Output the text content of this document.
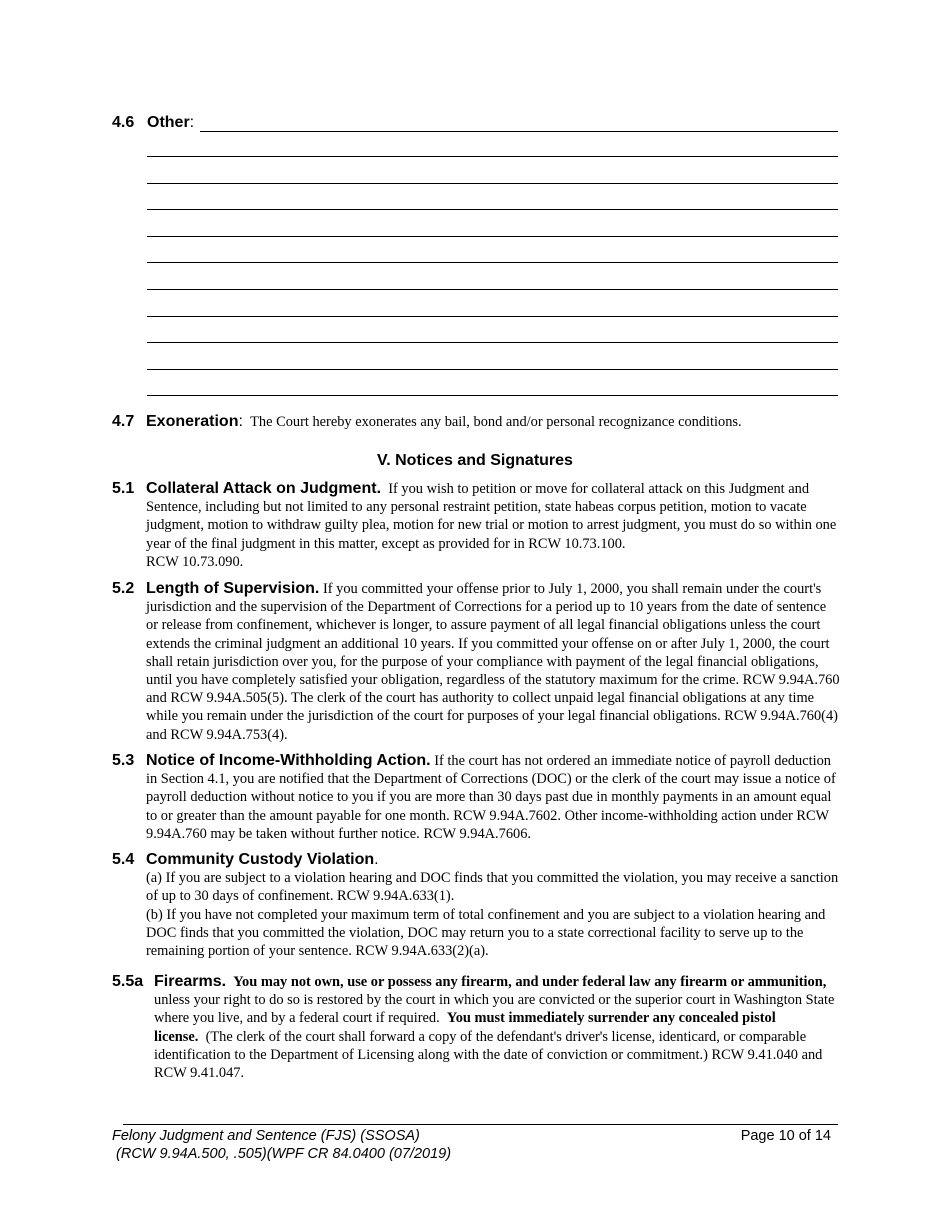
4.6 Other :
4.7 Exoneration: The Court hereby exonerates any bail, bond and/or personal recognizance conditions.
V. Notices and Signatures
5.1 Collateral Attack on Judgment. If you wish to petition or move for collateral attack on this Judgment and Sentence, including but not limited to any personal restraint petition, state habeas corpus petition, motion to vacate judgment, motion to withdraw guilty plea, motion for new trial or motion to arrest judgment, you must do so within one year of the final judgment in this matter, except as provided for in RCW 10.73.100.
RCW 10.73.090.
5.2 Length of Supervision. If you committed your offense prior to July 1, 2000, you shall remain under the court's jurisdiction and the supervision of the Department of Corrections for a period up to 10 years from the date of sentence or release from confinement, whichever is longer, to assure payment of all legal financial obligations unless the court extends the criminal judgment an additional 10 years. If you committed your offense on or after July 1, 2000, the court shall retain jurisdiction over you, for the purpose of your compliance with payment of the legal financial obligations, until you have completely satisfied your obligation, regardless of the statutory maximum for the crime. RCW 9.94A.760 and RCW 9.94A.505(5). The clerk of the court has authority to collect unpaid legal financial obligations at any time while you remain under the jurisdiction of the court for purposes of your legal financial obligations. RCW 9.94A.760(4) and RCW 9.94A.753(4).
5.3 Notice of Income-Withholding Action. If the court has not ordered an immediate notice of payroll deduction in Section 4.1, you are notified that the Department of Corrections (DOC) or the clerk of the court may issue a notice of payroll deduction without notice to you if you are more than 30 days past due in monthly payments in an amount equal to or greater than the amount payable for one month. RCW 9.94A.7602. Other income-withholding action under RCW 9.94A.760 may be taken without further notice. RCW 9.94A.7606.
5.4 Community Custody Violation.
(a) If you are subject to a violation hearing and DOC finds that you committed the violation, you may receive a sanction of up to 30 days of confinement. RCW 9.94A.633(1).
(b) If you have not completed your maximum term of total confinement and you are subject to a violation hearing and DOC finds that you committed the violation, DOC may return you to a state correctional facility to serve up to the remaining portion of your sentence. RCW 9.94A.633(2)(a).
5.5a Firearms. You may not own, use or possess any firearm, and under federal law any firearm or ammunition, unless your right to do so is restored by the court in which you are convicted or the superior court in Washington State where you live, and by a federal court if required. You must immediately surrender any concealed pistol license. (The clerk of the court shall forward a copy of the defendant's driver's license, identicard, or comparable identification to the Department of Licensing along with the date of conviction or commitment.) RCW 9.41.040 and RCW 9.41.047.
Felony Judgment and Sentence (FJS) (SSOSA)
(RCW 9.94A.500, .505)(WPF CR 84.0400 (07/2019)
Page 10 of 14
